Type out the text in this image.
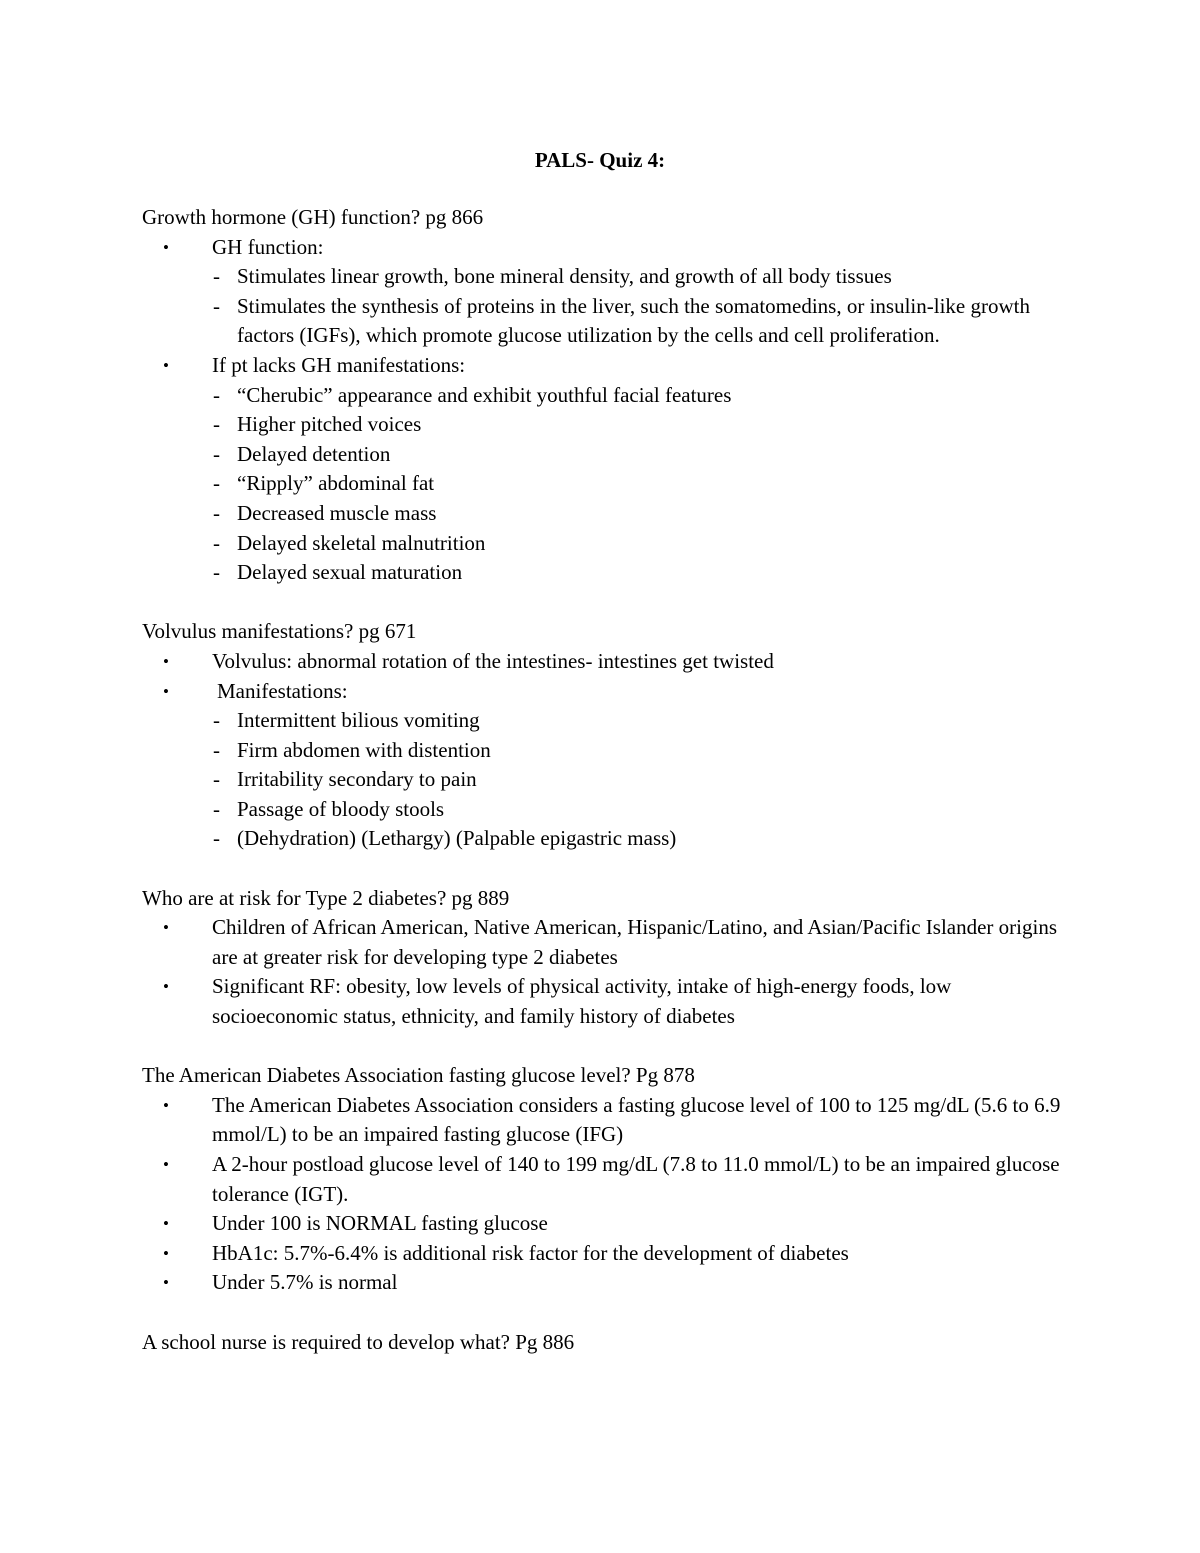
PALS- Quiz 4:

Growth hormone (GH) function? pg 866

• GH function:

- Stimulates linear growth, bone mineral density, and growth of all body tissues

- Stimulates the synthesis of proteins in the liver, such the somatomedins, or insulin-like growth factors (IGFs), which promote glucose utilization by the cells and cell proliferation.

• If pt lacks GH manifestations:

- “Cherubic” appearance and exhibit youthful facial features

- Higher pitched voices

- Delayed detention

- “Ripply” abdominal fat

- Decreased muscle mass

- Delayed skeletal malnutrition

- Delayed sexual maturation

Volvulus manifestations? pg 671

• Volvulus: abnormal rotation of the intestines- intestines get twisted

• Manifestations:

- Intermittent bilious vomiting

- Firm abdomen with distention

- Irritability secondary to pain

- Passage of bloody stools

- (Dehydration) (Lethargy) (Palpable epigastric mass)

Who are at risk for Type 2 diabetes? pg 889

• Children of African American, Native American, Hispanic/Latino, and Asian/Pacific Islander origins are at greater risk for developing type 2 diabetes

• Significant RF: obesity, low levels of physical activity, intake of high-energy foods, low socioeconomic status, ethnicity, and family history of diabetes

The American Diabetes Association fasting glucose level? Pg 878

• The American Diabetes Association considers a fasting glucose level of 100 to 125 mg/dL (5.6 to 6.9 mmol/L) to be an impaired fasting glucose (IFG)

• A 2-hour postload glucose level of 140 to 199 mg/dL (7.8 to 11.0 mmol/L) to be an impaired glucose tolerance (IGT).

• Under 100 is NORMAL fasting glucose

• HbA1c: 5.7%-6.4% is additional risk factor for the development of diabetes

• Under 5.7% is normal

A school nurse is required to develop what? Pg 886
